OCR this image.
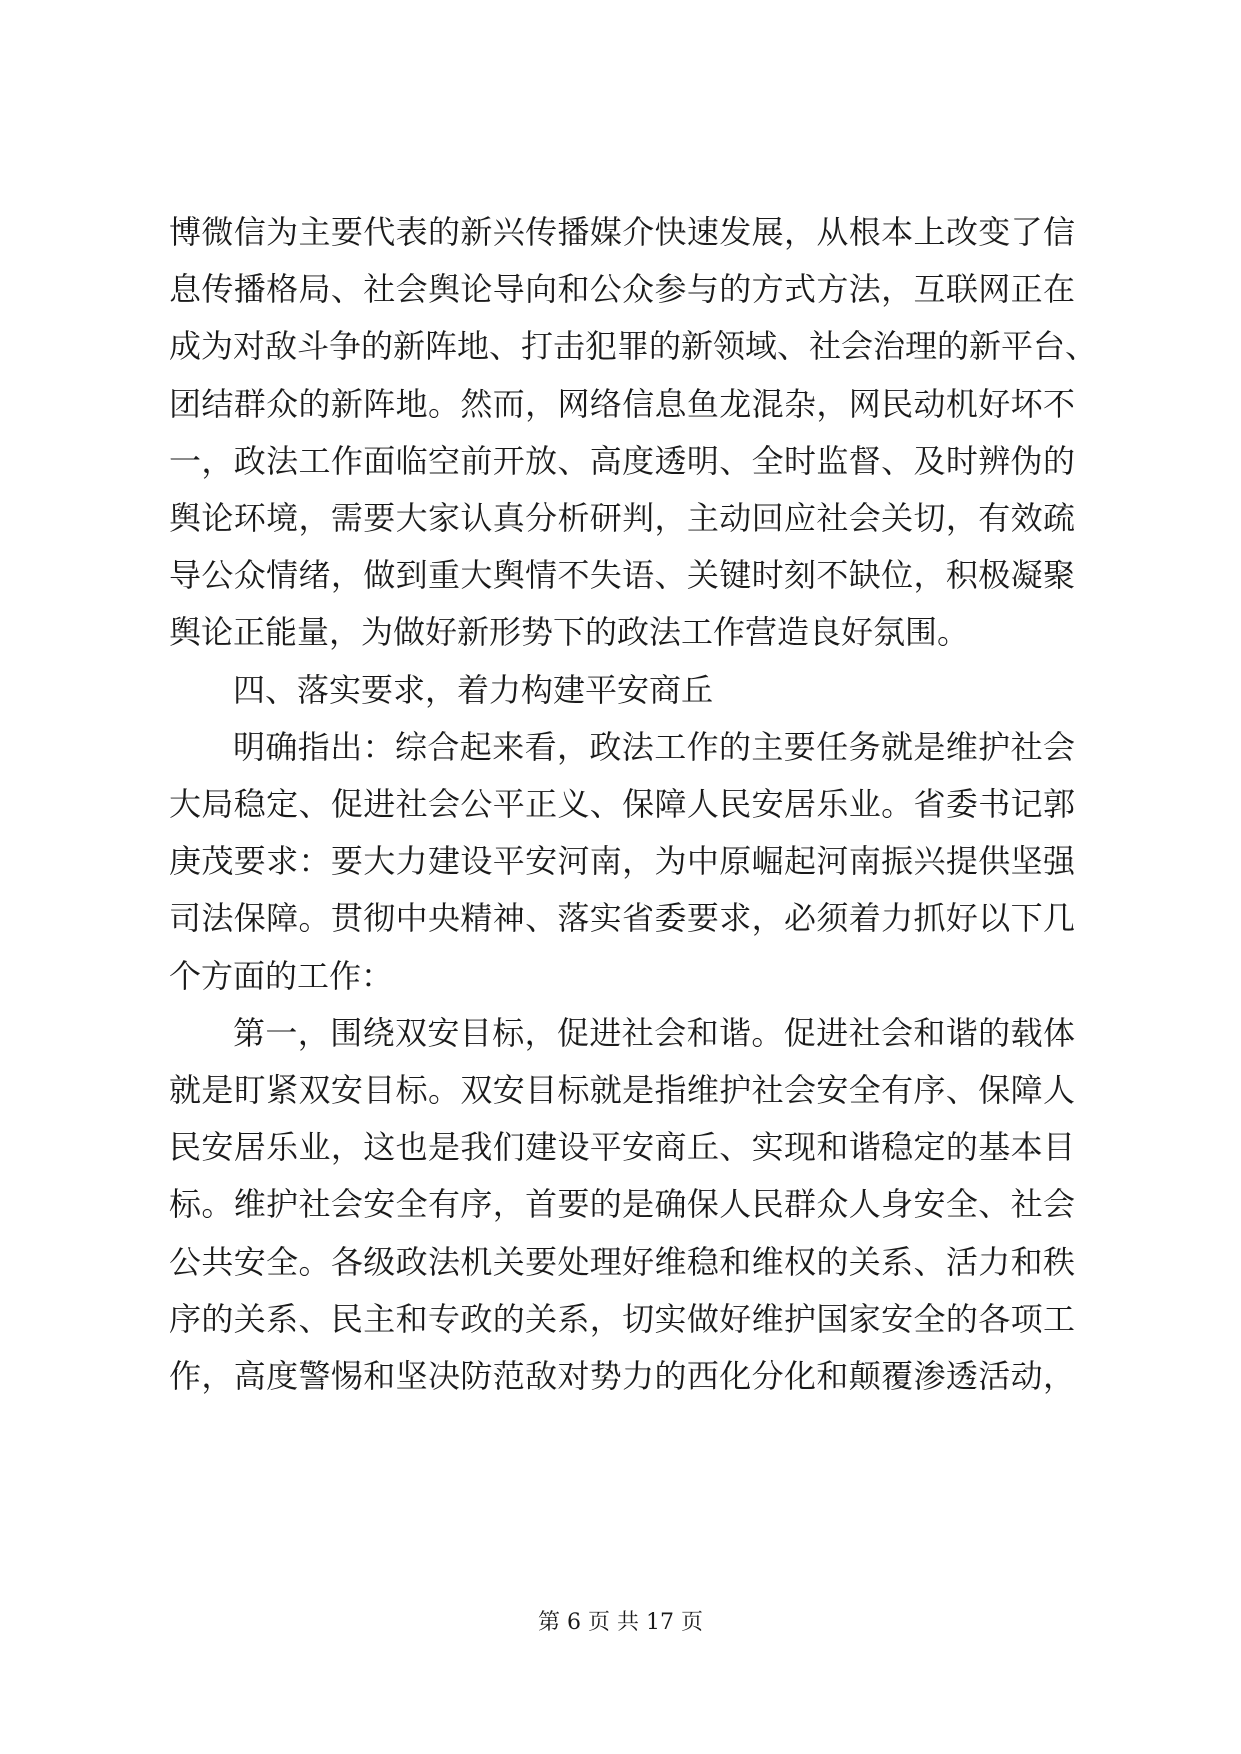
博微信为主要代表的新兴传播媒介快速发展，从根本上改变了信
息传播格局、社会舆论导向和公众参与的方式方法，互联网正在
成为对敌斗争的新阵地、打击犯罪的新领域、社会治理的新平台、
团结群众的新阵地。然而，网络信息鱼龙混杂，网民动机好坏不
一，政法工作面临空前开放、高度透明、全时监督、及时辨伪的
舆论环境，需要大家认真分析研判，主动回应社会关切，有效疏
导公众情绪，做到重大舆情不失语、关键时刻不缺位，积极凝聚
舆论正能量，为做好新形势下的政法工作营造良好氛围。
四、落实要求，着力构建平安商丘
明确指出：综合起来看，政法工作的主要任务就是维护社会
大局稳定、促进社会公平正义、保障人民安居乐业。省委书记郭
庚茂要求：要大力建设平安河南，为中原崛起河南振兴提供坚强
司法保障。贯彻中央精神、落实省委要求，必须着力抓好以下几
个方面的工作：
第一，围绕双安目标，促进社会和谐。促进社会和谐的载体
就是盯紧双安目标。双安目标就是指维护社会安全有序、保障人
民安居乐业，这也是我们建设平安商丘、实现和谐稳定的基本目
标。维护社会安全有序，首要的是确保人民群众人身安全、社会
公共安全。各级政法机关要处理好维稳和维权的关系、活力和秩
序的关系、民主和专政的关系，切实做好维护国家安全的各项工
作，高度警惕和坚决防范敌对势力的西化分化和颠覆渗透活动，
第 6 页 共 17 页
